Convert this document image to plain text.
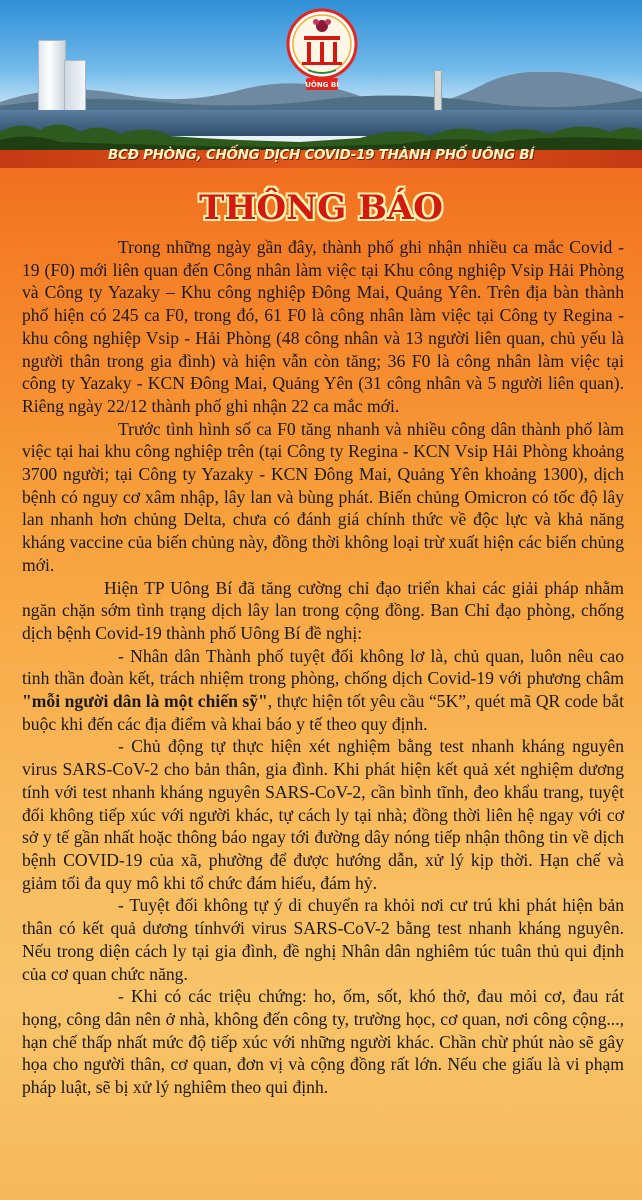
UÔNG BÍ
BCĐ PHÒNG, CHỐNG DỊCH COVID-19 THÀNH PHỐ UÔNG BÍ
THÔNG BÁO

Trong những ngày gần đây, thành phố ghi nhận nhiều ca mắc Covid - 19 (F0) mới liên quan đến Công nhân làm việc tại Khu công nghiệp Vsip Hải Phòng và Công ty Yazaky – Khu công nghiệp Đông Mai, Quảng Yên. Trên địa bàn thành phố hiện có 245 ca F0, trong đó, 61 F0 là công nhân làm việc tại Công ty Regina - khu công nghiệp Vsip - Hải Phòng (48 công nhân và 13 người liên quan, chủ yếu là người thân trong gia đình) và hiện vẫn còn tăng; 36 F0 là công nhân làm việc tại công ty Yazaky - KCN Đông Mai, Quảng Yên (31 công nhân và 5 người liên quan). Riêng ngày 22/12 thành phố ghi nhận 22 ca mắc mới.

Trước tình hình số ca F0 tăng nhanh và nhiều công dân thành phố làm việc tại hai khu công nghiệp trên (tại Công ty Regina - KCN Vsip Hải Phòng khoảng 3700 người; tại Công ty Yazaky - KCN Đông Mai, Quảng Yên khoảng 1300), dịch bệnh có nguy cơ xâm nhập, lây lan và bùng phát. Biến chủng Omicron có tốc độ lây lan nhanh hơn chủng Delta, chưa có đánh giá chính thức về độc lực và khả năng kháng vaccine của biến chủng này, đồng thời không loại trừ xuất hiện các biến chủng mới.

Hiện TP Uông Bí đã tăng cường chỉ đạo triển khai các giải pháp nhằm ngăn chặn sớm tình trạng dịch lây lan trong cộng đồng. Ban Chỉ đạo phòng, chống dịch bệnh Covid-19 thành phố Uông Bí đề nghị:

- Nhân dân Thành phố tuyệt đối không lơ là, chủ quan, luôn nêu cao tinh thần đoàn kết, trách nhiệm trong phòng, chống dịch Covid-19 với phương châm "mỗi người dân là một chiến sỹ", thực hiện tốt yêu cầu “5K”, quét mã QR code bắt buộc khi đến các địa điểm và khai báo y tế theo quy định.

- Chủ động tự thực hiện xét nghiệm bằng test nhanh kháng nguyên virus SARS-CoV-2 cho bản thân, gia đình. Khi phát hiện kết quả xét nghiệm dương tính với test nhanh kháng nguyên SARS-CoV-2, cần bình tĩnh, đeo khẩu trang, tuyệt đối không tiếp xúc với người khác, tự cách ly tại nhà; đồng thời liên hệ ngay với cơ sở y tế gần nhất hoặc thông báo ngay tới đường dây nóng tiếp nhận thông tin về dịch bệnh COVID-19 của xã, phường để được hướng dẫn, xử lý kịp thời. Hạn chế và giảm tối đa quy mô khi tổ chức đám hiếu, đám hỷ.

- Tuyệt đối không tự ý di chuyển ra khỏi nơi cư trú khi phát hiện bản thân có kết quả dương tínhvới virus SARS-CoV-2 bằng test nhanh kháng nguyên. Nếu trong diện cách ly tại gia đình, đề nghị Nhân dân nghiêm túc tuân thủ qui định của cơ quan chức năng.

- Khi có các triệu chứng: ho, ốm, sốt, khó thở, đau mỏi cơ, đau rát họng, công dân nên ở nhà, không đến công ty, trường học, cơ quan, nơi công cộng..., hạn chế thấp nhất mức độ tiếp xúc với những người khác. Chần chừ phút nào sẽ gây họa cho người thân, cơ quan, đơn vị và cộng đồng rất lớn. Nếu che giấu là vi phạm pháp luật, sẽ bị xử lý nghiêm theo qui định.
